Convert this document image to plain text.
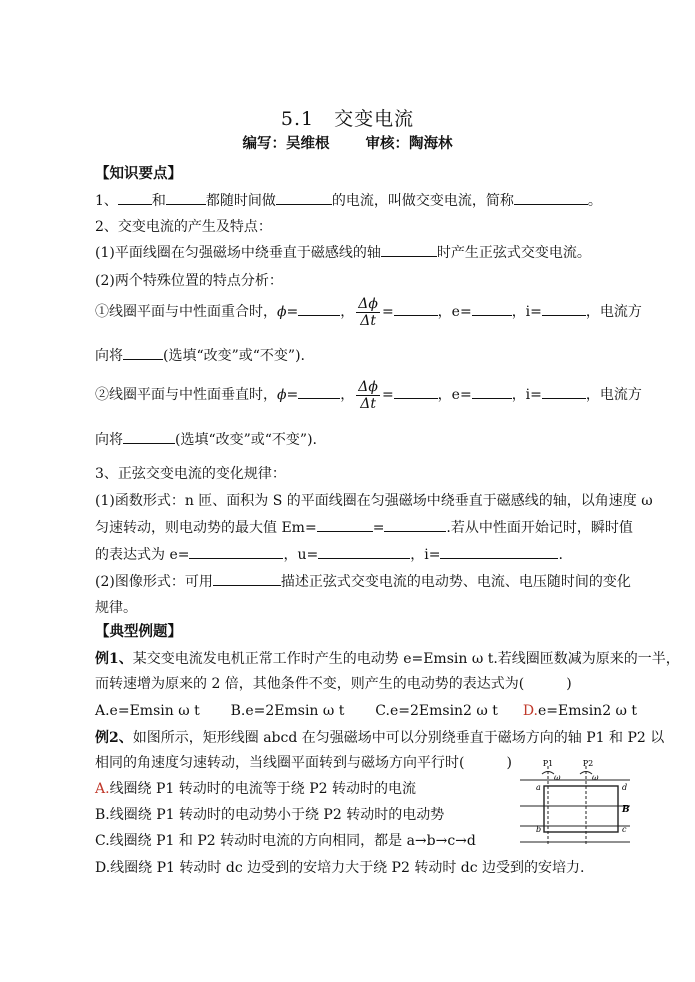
5.1　交变电流
编写：吴维根 审核：陶海林
【知识要点】
1、 和	都随时间做	的电流，叫做交变电流，简称	。
2、交变电流的产生及特点：
(1)平面线圈在匀强磁场中绕垂直于磁感线的轴	时产生正弦式交变电流。
(2)两个特殊位置的特点分析：
①线圈平面与中性面重合时，ϕ=	， $\frac{\Delta\phi}{\Delta t}$ =	，e=	，i=	，电流方
向将	(选填“改变”或“不变”).
②线圈平面与中性面垂直时，ϕ=	， $\frac{\Delta\phi}{\Delta t}$ =	，e=	，i=	，电流方
向将	(选填“改变”或“不变”).
3、正弦交变电流的变化规律：
(1)函数形式：n 匝、面积为 S 的平面线圈在匀强磁场中绕垂直于磁感线的轴，以角速度 ω
匀速转动，则电动势的最大值 Em=	=	.若从中性面开始记时，瞬时值
的表达式为 e=	，u=	，i=	.
(2)图像形式：可用	描述正弦式交变电流的电动势、电流、电压随时间的变化
规律。
【典型例题】
例1、某交变电流发电机正常工作时产生的电动势 e=Emsin ω t.若线圈匝数减为原来的一半，
而转速增为原来的 2 倍，其他条件不变，则产生的电动势的表达式为(　　　)
A.e=Emsin ω t B.e=2Emsin ω t C.e=2Emsin2 ω t D.e=Emsin2 ω t
例2、如图所示，矩形线圈 abcd 在匀强磁场中可以分别绕垂直于磁场方向的轴 P1 和 P2 以
相同的角速度匀速转动，当线圈平面转到与磁场方向平行时(　　　)
A.线圈绕 P1 转动时的电流等于绕 P2 转动时的电流
B.线圈绕 P1 转动时的电动势小于绕 P2 转动时的电动势
C.线圈绕 P1 和 P2 转动时电流的方向相同，都是 a→b→c→d
D.线圈绕 P1 转动时 dc 边受到的安培力大于绕 P2 转动时 dc 边受到的安培力.
P1	P2
ω	ω
a
b	c
d
B
